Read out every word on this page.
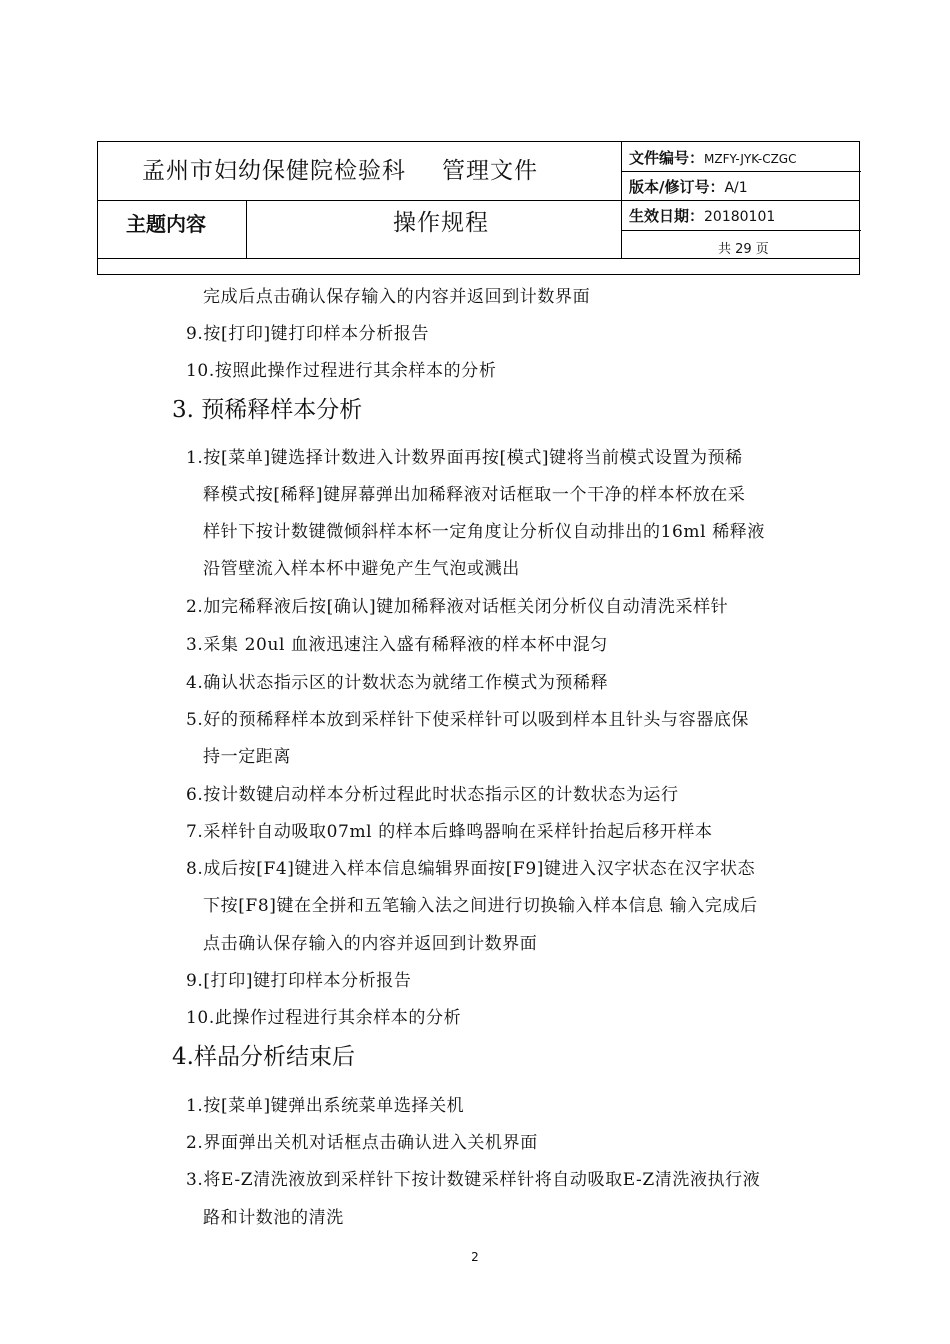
孟州市妇幼保健院检验科 管理文件
主题内容	操作规程
文件编号：MZFY-JYK-CZGC
版本/修订号：A/1
生效日期：20180101
共 29 页
完成后点击确认保存输入的内容并返回到计数界面
9.按[打印]键打印样本分析报告
10.按照此操作过程进行其余样本的分析
3. 预稀释样本分析
1.按[菜单]键选择计数进入计数界面再按[模式]键将当前模式设置为预稀
释模式按[稀释]键屏幕弹出加稀释液对话框取一个干净的样本杯放在采
样针下按计数键微倾斜样本杯一定角度让分析仪自动排出的16ml 稀释液
沿管壁流入样本杯中避免产生气泡或溅出
2.加完稀释液后按[确认]键加稀释液对话框关闭分析仪自动清洗采样针
3.采集 20ul 血液迅速注入盛有稀释液的样本杯中混匀
4.确认状态指示区的计数状态为就绪工作模式为预稀释
5.好的预稀释样本放到采样针下使采样针可以吸到样本且针头与容器底保
持一定距离
6.按计数键启动样本分析过程此时状态指示区的计数状态为运行
7.采样针自动吸取07ml 的样本后蜂鸣器响在采样针抬起后移开样本
8.成后按[F4]键进入样本信息编辑界面按[F9]键进入汉字状态在汉字状态
下按[F8]键在全拼和五笔输入法之间进行切换输入样本信息 输入完成后
点击确认保存输入的内容并返回到计数界面
9.[打印]键打印样本分析报告
10.此操作过程进行其余样本的分析
4.样品分析结束后
1.按[菜单]键弹出系统菜单选择关机
2.界面弹出关机对话框点击确认进入关机界面
3.将E-Z清洗液放到采样针下按计数键采样针将自动吸取E-Z清洗液执行液
路和计数池的清洗
2
